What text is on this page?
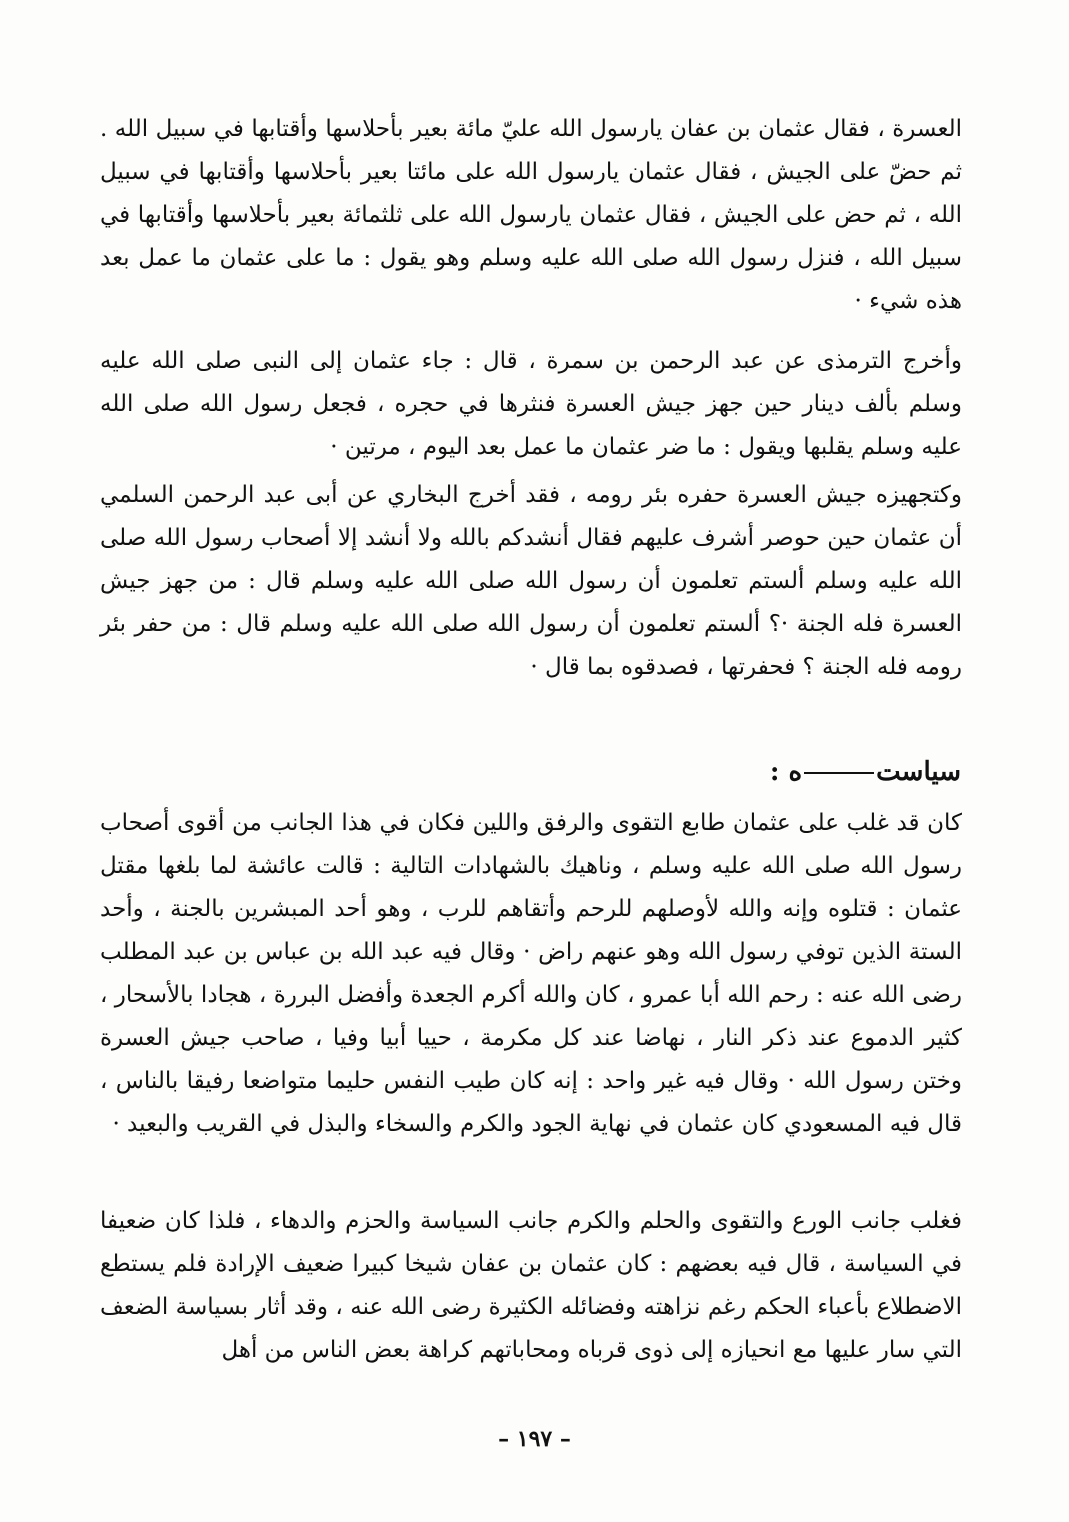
العسرة ، فقال عثمان بن عفان يارسول الله عليّ مائة بعير بأحلاسها وأقتابها في سبيل الله . ثم حضّ على الجيش ، فقال عثمان يارسول الله على مائتا بعير بأحلاسها وأقتابها في سبيل الله ، ثم حض على الجيش ، فقال عثمان يارسول الله على ثلثمائة بعير بأحلاسها وأقتابها في سبيل الله ، فنزل رسول الله صلى الله عليه وسلم وهو يقول : ما على عثمان ما عمل بعد هذه شيء ·

وأخرج الترمذى عن عبد الرحمن بن سمرة ، قال : جاء عثمان إلى النبى صلى الله عليه وسلم بألف دينار حين جهز جيش العسرة فنثرها في حجره ، فجعل رسول الله صلى الله عليه وسلم يقلبها ويقول : ما ضر عثمان ما عمل بعد اليوم ، مرتين ·

وكتجهيزه جيش العسرة حفره بئر رومه ، فقد أخرج البخاري عن أبى عبد الرحمن السلمي أن عثمان حين حوصر أشرف عليهم فقال أنشدكم بالله ولا أنشد إلا أصحاب رسول الله صلى الله عليه وسلم ألستم تعلمون أن رسول الله صلى الله عليه وسلم قال : من جهز جيش العسرة فله الجنة ·؟ ألستم تعلمون أن رسول الله صلى الله عليه وسلم قال : من حفر بئر رومه فله الجنة ؟ فحفرتها ، فصدقوه بما قال ·

سياسته :

كان قد غلب على عثمان طابع التقوى والرفق واللين فكان في هذا الجانب من أقوى أصحاب رسول الله صلى الله عليه وسلم ، وناهيك بالشهادات التالية : قالت عائشة لما بلغها مقتل عثمان : قتلوه وإنه والله لأوصلهم للرحم وأتقاهم للرب ، وهو أحد المبشرين بالجنة ، وأحد الستة الذين توفي رسول الله وهو عنهم راض · وقال فيه عبد الله بن عباس بن عبد المطلب رضى الله عنه : رحم الله أبا عمرو ، كان والله أكرم الجعدة وأفضل البررة ، هجادا بالأسحار ، كثير الدموع عند ذكر النار ، نهاضا عند كل مكرمة ، حييا أبيا وفيا ، صاحب جيش العسرة وختن رسول الله · وقال فيه غير واحد : إنه كان طيب النفس حليما متواضعا رفيقا بالناس ، قال فيه المسعودي كان عثمان في نهاية الجود والكرم والسخاء والبذل في القريب والبعيد ·

فغلب جانب الورع والتقوى والحلم والكرم جانب السياسة والحزم والدهاء ، فلذا كان ضعيفا في السياسة ، قال فيه بعضهم : كان عثمان بن عفان شيخا كبيرا ضعيف الإرادة فلم يستطع الاضطلاع بأعباء الحكم رغم نزاهته وفضائله الكثيرة رضى الله عنه ، وقد أثار بسياسة الضعف التي سار عليها مع انحيازه إلى ذوى قرباه ومحاباتهم كراهة بعض الناس من أهل

– ١٩٧ –
